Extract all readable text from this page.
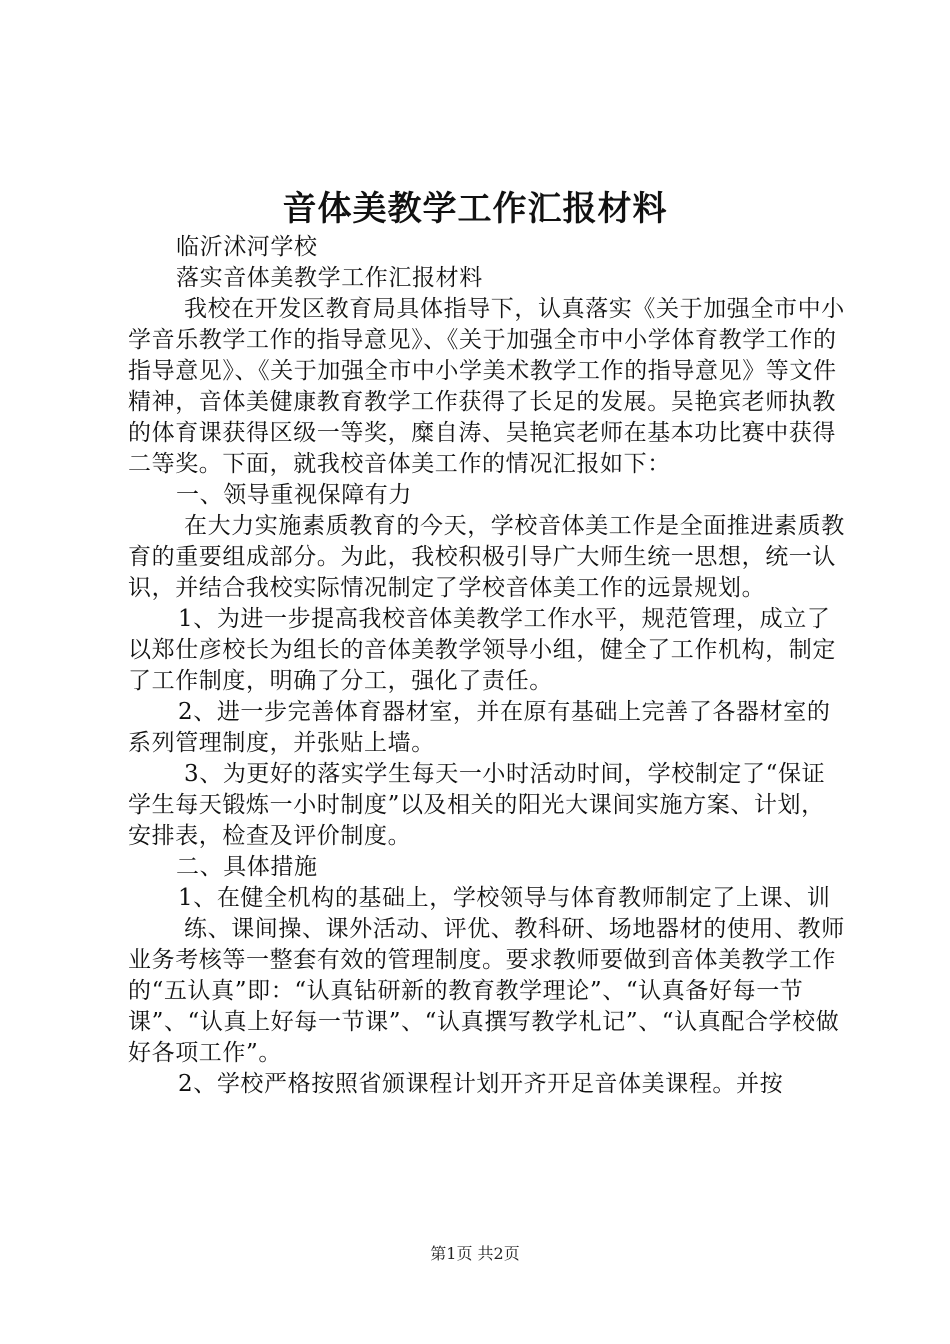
音体美教学工作汇报材料

临沂沭河学校

落实音体美教学工作汇报材料

我校在开发区教育局具体指导下，认真落实《关于加强全市中小学音乐教学工作的指导意见》、《关于加强全市中小学体育教学工作的指导意见》、《关于加强全市中小学美术教学工作的指导意见》等文件精神，音体美健康教育教学工作获得了长足的发展。吴艳宾老师执教的体育课获得区级一等奖，糜自涛、吴艳宾老师在基本功比赛中获得二等奖。下面，就我校音体美工作的情况汇报如下：

一、领导重视保障有力

在大力实施素质教育的今天，学校音体美工作是全面推进素质教育的重要组成部分。为此，我校积极引导广大师生统一思想，统一认识，并结合我校实际情况制定了学校音体美工作的远景规划。

1、为进一步提高我校音体美教学工作水平，规范管理，成立了以郑仕彦校长为组长的音体美教学领导小组，健全了工作机构，制定了工作制度，明确了分工，强化了责任。

2、进一步完善体育器材室，并在原有基础上完善了各器材室的系列管理制度，并张贴上墙。

3、为更好的落实学生每天一小时活动时间，学校制定了“保证学生每天锻炼一小时制度”以及相关的阳光大课间实施方案、计划，安排表，检查及评价制度。

二、具体措施

1、在健全机构的基础上，学校领导与体育教师制定了上课、训

练、课间操、课外活动、评优、教科研、场地器材的使用、教师业务考核等一整套有效的管理制度。要求教师要做到音体美教学工作的“五认真”即：“认真钻研新的教育教学理论”、“认真备好每一节课”、“认真上好每一节课”、“认真撰写教学札记”、“认真配合学校做好各项工作”。

2、学校严格按照省颁课程计划开齐开足音体美课程。并按

第1页 共2页
